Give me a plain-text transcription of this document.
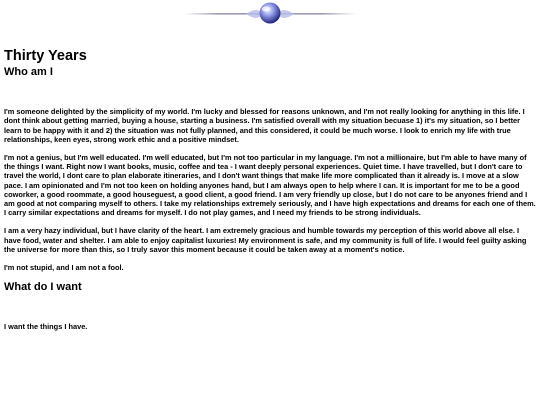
Thirty Years
Who am I

I'm someone delighted by the simplicity of my world. I'm lucky and blessed for reasons unknown, and I'm not really looking for anything in this life. I dont think about getting married, buying a house, starting a business. I'm satisfied overall with my situation becuase 1) it's my situation, so I better learn to be happy with it and 2) the situation was not fully planned, and this considered, it could be much worse. I look to enrich my life with true relationships, keen eyes, strong work ethic and a positive mindset.

I'm not a genius, but I'm well educated. I'm well educated, but I'm not too particular in my language. I'm not a millionaire, but I'm able to have many of the things I want. Right now I want books, music, coffee and tea - I want deeply personal experiences. Quiet time. I have travelled, but I don't care to travel the world, I dont care to plan elaborate itineraries, and I don't want things that make life more complicated than it already is. I move at a slow pace. I am opinionated and I'm not too keen on holding anyones hand, but I am always open to help where I can. It is important for me to be a good coworker, a good roommate, a good houseguest, a good client, a good friend. I am very friendly up close, but I do not care to be anyones friend and I am good at not comparing myself to others. I take my relationships extremely seriously, and I have high expectations and dreams for each one of them. I carry similar expectations and dreams for myself. I do not play games, and I need my friends to be strong individuals.

I am a very hazy individual, but I have clarity of the heart. I am extremely gracious and humble towards my perception of this world above all else. I have food, water and shelter. I am able to enjoy capitalist luxuries! My environment is safe, and my community is full of life. I would feel guilty asking the universe for more than this, so I truly savor this moment because it could be taken away at a moment's notice.

I'm not stupid, and I am not a fool.

What do I want

I want the things I have.
